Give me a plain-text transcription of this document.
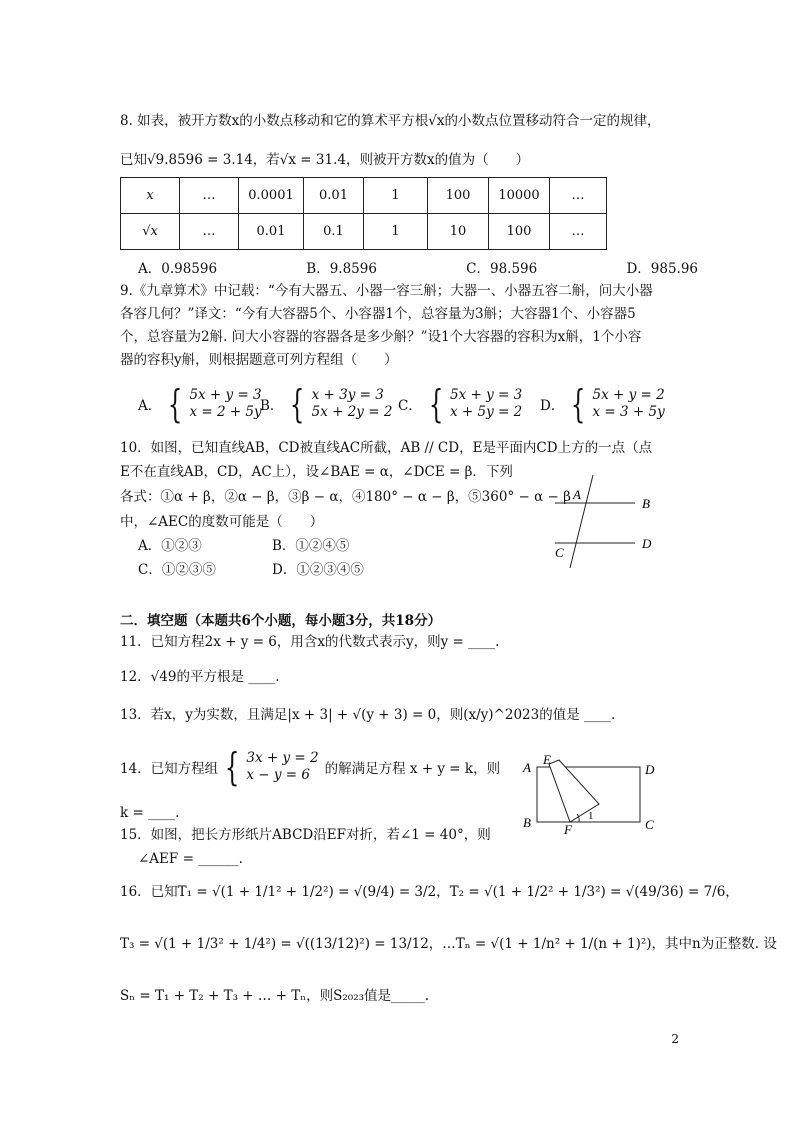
8. 如表，被开方数x的小数点移动和它的算术平方根√x的小数点位置移动符合一定的规律，
已知√9.8596 = 3.14，若√x = 31.4，则被开方数x的值为（　　）
x	…	0.0001	0.01	1	100	10000	…
√x	…	0.01	0.1	1	10	100	…
A．0.98596	B．9.8596	C．98.596	D．985.96
9.《九章算术》中记载：“今有大器五、小器一容三斛；大器一、小器五容二斛，问大小器
各容几何？”译文：“今有大容器5个、小容器1个，总容量为3斛；大容器1个、小容器5
个，总容量为2斛. 问大小容器的容器各是多少斛？”设1个大容器的容积为x斛，1个小容
器的容积y斛，则根据题意可列方程组（　　）
A． { 5x + y = 3
x = 2 + 5y
B． { x + 3y = 3
5x + 2y = 2 C． { 5x + y = 3
x + 5y = 2 D． { 5x + y = 2
x = 3 + 5y
10．如图，已知直线AB，CD被直线AC所截，AB // CD，E是平面内CD上方的一点（点
E不在直线AB，CD，AC上），设∠BAE = α，∠DCE = β．下列
各式：①α + β，②α − β，③β − α，④180° − α − β，⑤360° − α − β
中，∠AEC的度数可能是（　　）
A．①②③	B．①②④⑤
C．①②③⑤	D．①②③④⑤
A
B
C
D
二．填空题（本题共6个小题，每小题3分，共18分）
11．已知方程2x + y = 6，用含x的代数式表示y，则y = ____.
12．√49的平方根是 ____.
13．若x，y为实数，且满足|x + 3| + √(y + 3) = 0，则(x/y)^2023的值是 ____.
14．已知方程组 { 3x + y = 2
x − y = 6	的解满足方程 x + y = k，则
k = ____.
15．如图，把长方形纸片ABCD沿EF对折，若∠1 = 40°，则
∠AEF = ______.
A
E
D
B	F	C
1
16．已知T₁ = √(1 + 1/1² + 1/2²) = √(9/4) = 3/2，T₂ = √(1 + 1/2² + 1/3²) = √(49/36) = 7/6，
T₃ = √(1 + 1/3² + 1/4²) = √((13/12)²) = 13/12，…Tₙ = √(1 + 1/n² + 1/(n + 1)²)，其中n为正整数. 设
Sₙ = T₁ + T₂ + T₃ + … + Tₙ，则S₂₀₂₃值是_____.
2
